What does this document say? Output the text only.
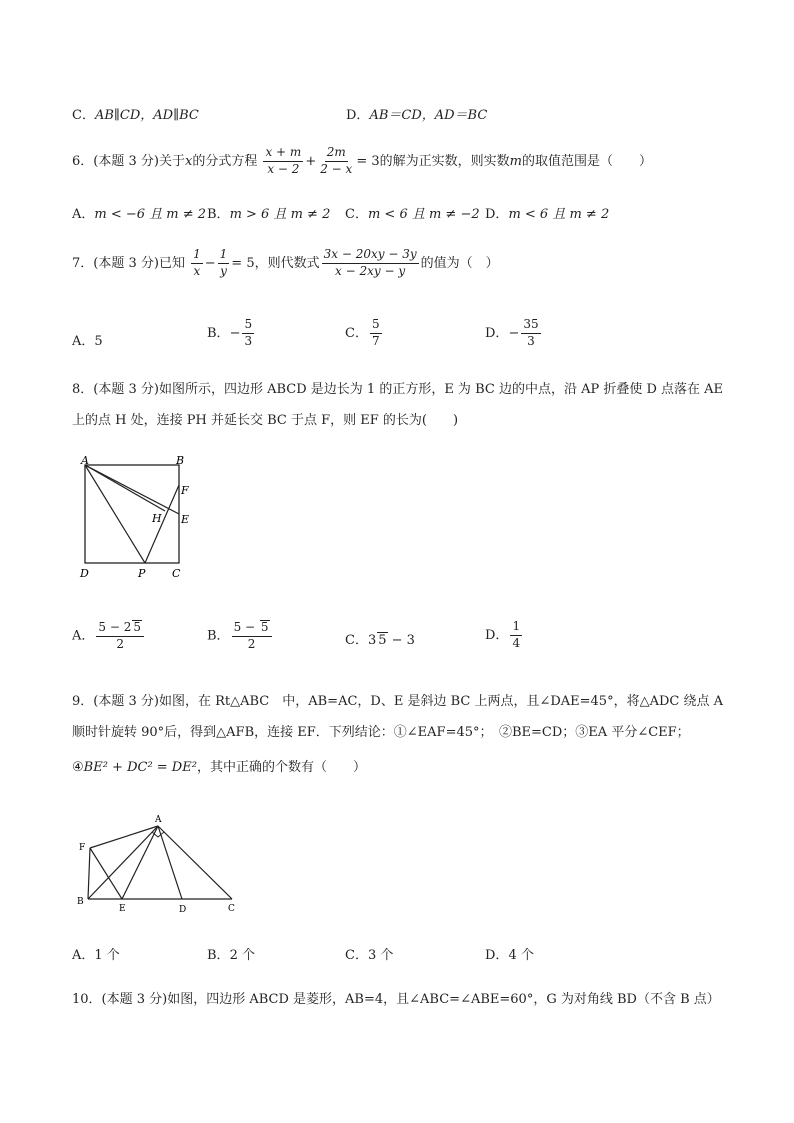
C．AB∥CD，AD∥BC	D．AB＝CD，AD＝BC
6．(本题 3 分)关于x的分式方程 $\frac{x + m}{x - 2} + \frac{2m}{2 - x} = 3$的解为正实数，则实数m的取值范围是（　　）
A．m < −6 且 m ≠ 2 B．m > 6 且 m ≠ 2 C．m < 6 且 m ≠ −2 D．m < 6 且 m ≠ 2
7．(本题 3 分)已知 $\frac{1}{x} - \frac{1}{y} = 5$，则代数式 $\frac{3x - 20xy - 3y}{x - 2xy - y}$ 的值为（　）
A．5
B．− $\frac{5}{3}$	C． $\frac{5}{7}$	D．− $\frac{35}{3}$
8．(本题 3 分)如图所示，四边形 ABCD 是边长为 1 的正方形，E 为 BC 边的中点，沿 AP 折叠使 D 点落在 AE
上的点 H 处，连接 PH 并延长交 BC 于点 F，则 EF 的长为(　　)
A	B
F
E
H
D	P C
A． $\frac{5 - 2 5}{2}$	B． $\frac{5 - 5}{2}$	C．3 5 − 3	D． $\frac{1}{4}$
9．(本题 3 分)如图，在 Rt△ABC　中，AB=AC，D、E 是斜边 BC 上两点，且∠DAE=45°，将△ADC 绕点 A
顺时针旋转 90°后，得到△AFB，连接 EF．下列结论：①∠EAF=45°；　②BE=CD；③EA 平分∠CEF；
④BE² + DC² = DE²，其中正确的个数有（　　）
A
F
B
E	D	C
A．1 个	B．2 个	C．3 个	D．4 个
10．(本题 3 分)如图，四边形 ABCD 是菱形，AB=4，且∠ABC=∠ABE=60°，G 为对角线 BD（不含 B 点）
